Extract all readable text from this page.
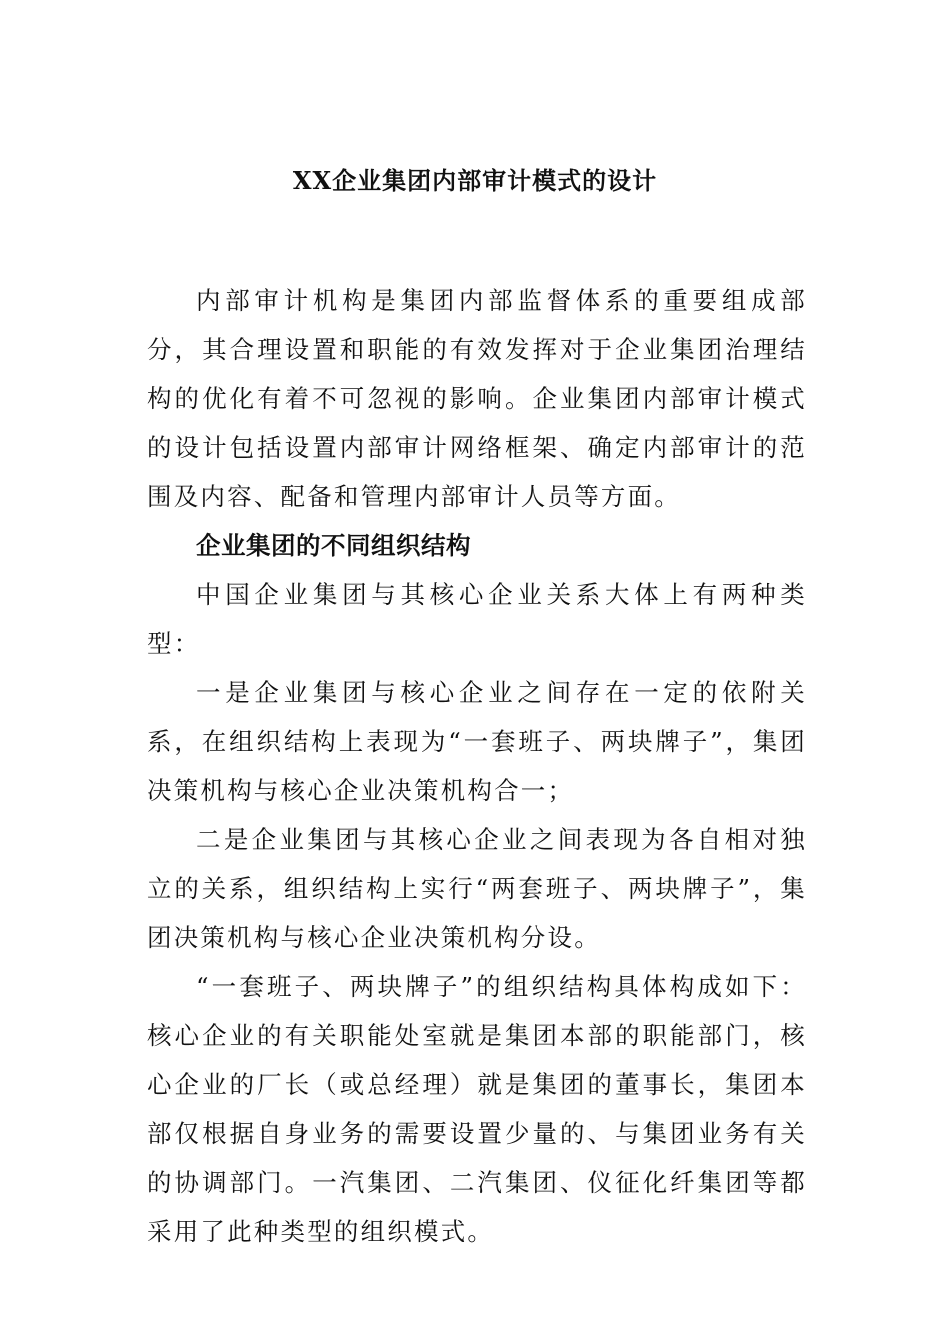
XX企业集团内部审计模式的设计

内部审计机构是集团内部监督体系的重要组成部分，其合理设置和职能的有效发挥对于企业集团治理结构的优化有着不可忽视的影响。企业集团内部审计模式的设计包括设置内部审计网络框架、确定内部审计的范围及内容、配备和管理内部审计人员等方面。

企业集团的不同组织结构

中国企业集团与其核心企业关系大体上有两种类型：

一是企业集团与核心企业之间存在一定的依附关系，在组织结构上表现为“一套班子、两块牌子”，集团决策机构与核心企业决策机构合一；

二是企业集团与其核心企业之间表现为各自相对独立的关系，组织结构上实行“两套班子、两块牌子”，集团决策机构与核心企业决策机构分设。

“一套班子、两块牌子”的组织结构具体构成如下：核心企业的有关职能处室就是集团本部的职能部门，核心企业的厂长（或总经理）就是集团的董事长，集团本部仅根据自身业务的需要设置少量的、与集团业务有关的协调部门。一汽集团、二汽集团、仪征化纤集团等都采用了此种类型的组织模式。
